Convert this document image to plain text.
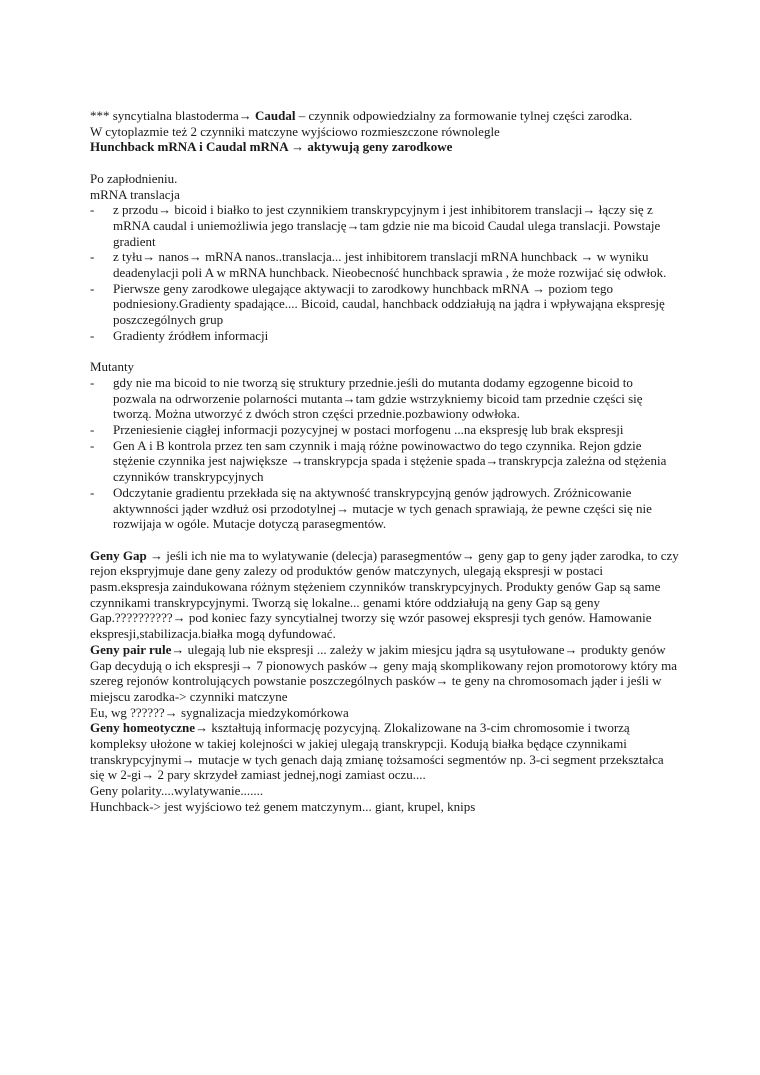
*** syncytialna blastoderma→ Caudal – czynnik odpowiedzialny za formowanie tylnej części zarodka.
W cytoplazmie też 2 czynniki matczyne wyjściowo rozmieszczone równolegle
Hunchback mRNA i Caudal mRNA → aktywują geny zarodkowe
Po zapłodnieniu.
mRNA translacja
- z przodu→ bicoid i białko to jest czynnikiem transkrypcyjnym i jest inhibitorem translacji→ łączy się z
mRNA caudal i uniemożliwia jego translację→tam gdzie nie ma bicoid Caudal ulega translacji. Powstaje
gradient
- z tyłu→ nanos→ mRNA nanos..translacja... jest inhibitorem translacji mRNA hunchback → w wyniku
deadenylacji poli A w mRNA hunchback. Nieobecność hunchback sprawia , że może rozwijać się odwłok.
- Pierwsze geny zarodkowe ulegające aktywacji to zarodkowy hunchback mRNA → poziom tego
podniesiony.Gradienty spadające.... Bicoid, caudal, hanchback oddziałują na jądra i wpływająna ekspresję
poszczególnych grup
- Gradienty źródłem informacji
Mutanty
- gdy nie ma bicoid to nie tworzą się struktury przednie.jeśli do mutanta dodamy egzogenne bicoid to
pozwala na odrworzenie polarności mutanta→tam gdzie wstrzykniemy bicoid tam przednie części się
tworzą. Można utworzyć z dwóch stron części przednie.pozbawiony odwłoka.
- Przeniesienie ciągłej informacji pozycyjnej w postaci morfogenu ...na ekspresję lub brak ekspresji
- Gen A i B kontrola przez ten sam czynnik i mają różne powinowactwo do tego czynnika. Rejon gdzie
stężenie czynnika jest największe →transkrypcja spada i stężenie spada→transkrypcja zależna od stężenia
czynników transkrypcyjnych
- Odczytanie gradientu przekłada się na aktywność transkrypcyjną genów jądrowych. Zróżnicowanie
aktywnności jąder wzdłuż osi przodotylnej→ mutacje w tych genach sprawiają, że pewne części się nie
rozwijaja w ogóle. Mutacje dotyczą parasegmentów.
Geny Gap → jeśli ich nie ma to wylatywanie (delecja) parasegmentów→ geny gap to geny jąder zarodka, to czy
rejon ekspryjmuje dane geny zalezy od produktów genów matczynych, ulegają ekspresji w postaci
pasm.ekspresja zaindukowana różnym stężeniem czynników transkrypcyjnych. Produkty genów Gap są same
czynnikami transkrypcyjnymi. Tworzą się lokalne... genami które oddziałują na geny Gap są geny
Gap.??????????→ pod koniec fazy syncytialnej tworzy się wzór pasowej ekspresji tych genów. Hamowanie
ekspresji,stabilizacja.białka mogą dyfundować.
Geny pair rule→ ulegają lub nie ekspresji ... zależy w jakim miesjcu jądra są usytułowane→ produkty genów
Gap decydują o ich ekspresji→ 7 pionowych pasków→ geny mają skomplikowany rejon promotorowy który ma
szereg rejonów kontrolujących powstanie poszczególnych pasków→ te geny na chromosomach jąder i jeśli w
miejscu zarodka-> czynniki matczyne
Eu, wg ??????→ sygnalizacja miedzykomórkowa
Geny homeotyczne→ kształtują informację pozycyjną. Zlokalizowane na 3-cim chromosomie i tworzą
kompleksy ułożone w takiej kolejności w jakiej ulegają transkrypcji. Kodują białka będące czynnikami
transkrypcyjnymi→ mutacje w tych genach dają zmianę tożsamości segmentów np. 3-ci segment przekształca
się w 2-gi→ 2 pary skrzydeł zamiast jednej,nogi zamiast oczu....
Geny polarity....wylatywanie.......
Hunchback-> jest wyjściowo też genem matczynym... giant, krupel, knips
